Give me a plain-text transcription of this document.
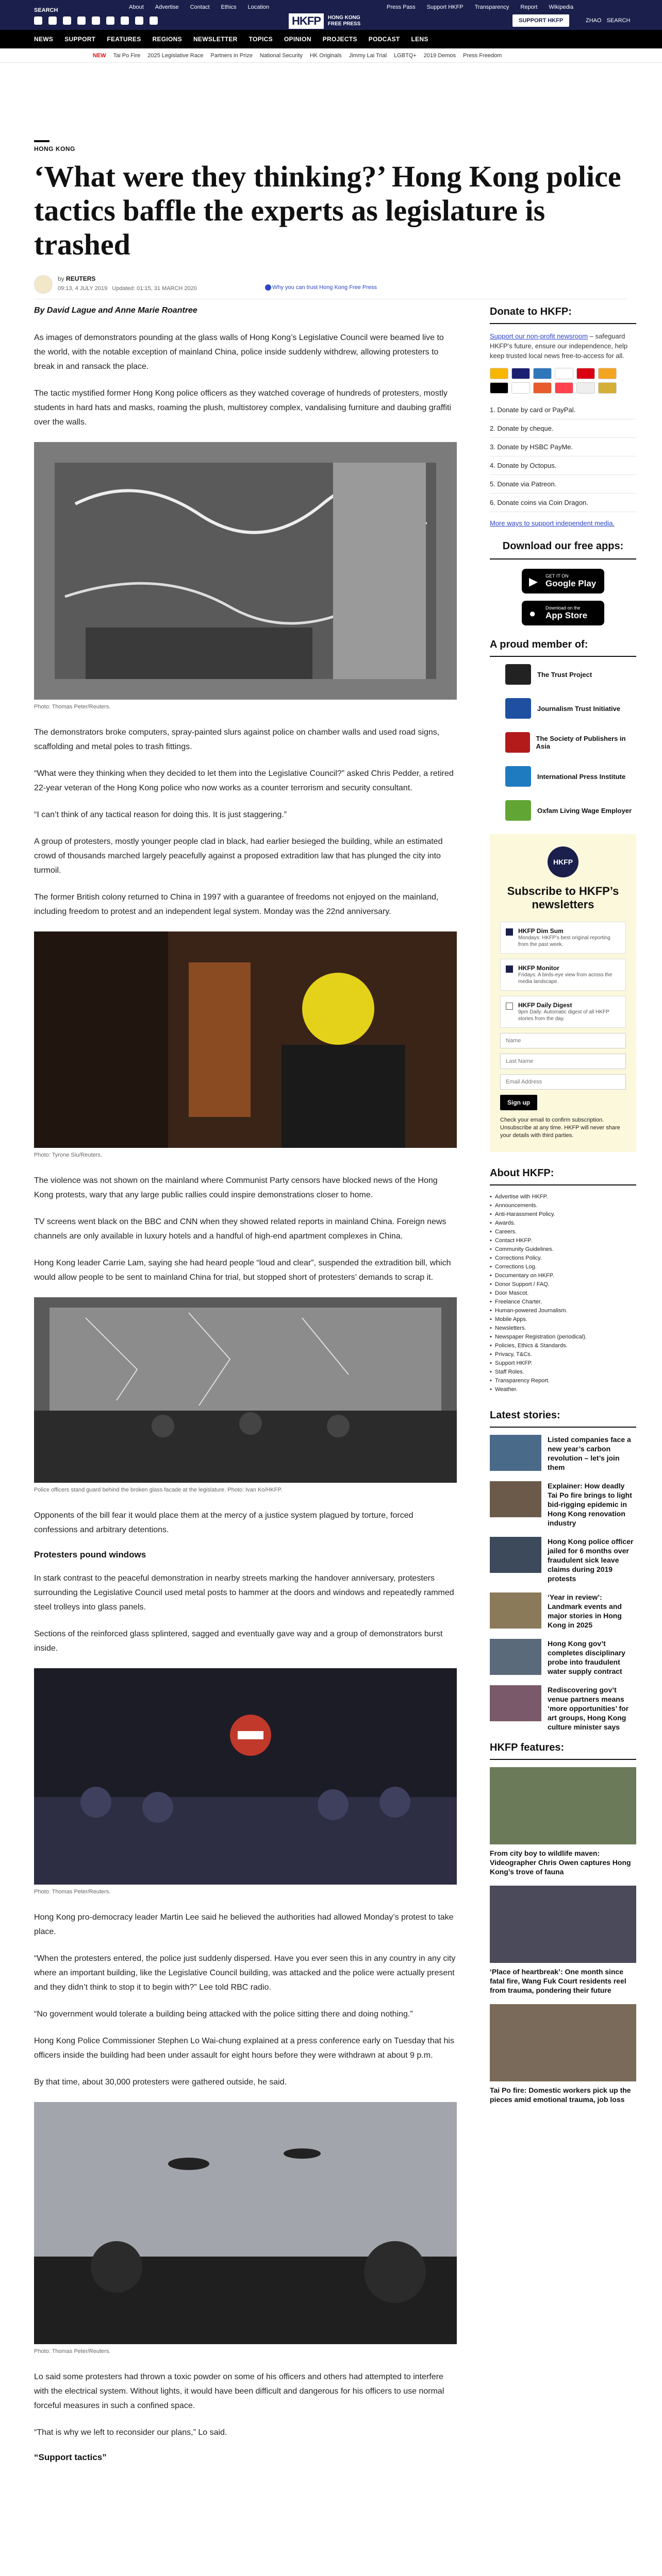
SEARCH	About Advertise Contact Ethics Location	Press Pass Support HKFP Transparency Report Wikipedia
HKFP	HONG KONG
FREE PRESS
SUPPORT HKFP	ZHAO SEARCH
NEWS SUPPORT FEATURES REGIONS NEWSLETTER TOPICS OPINION PROJECTS PODCAST LENS
NEW Tai Po Fire 2025 Legislative Race Partners in Prize National Security HK Originals Jimmy Lai Trial LGBTQ+ 2019 Demos Press Freedom
HONG KONG
‘What were they thinking?’ Hong Kong police tactics baffle the experts as legislature is trashed
by REUTERS
09:13, 4 JULY 2019 Updated: 01:15, 31 MARCH 2020	Why you can trust Hong Kong Free Press

By David Lague and Anne Marie Roantree

As images of demonstrators pounding at the glass walls of Hong Kong’s Legislative Council were beamed live to the world, with the notable exception of mainland China, police inside suddenly withdrew, allowing protesters to break in and ransack the place.

The tactic mystified former Hong Kong police officers as they watched coverage of hundreds of protesters, mostly students in hard hats and masks, roaming the plush, multistorey complex, vandalising furniture and daubing graffiti over the walls.

Photo: Thomas Peter/Reuters.

The demonstrators broke computers, spray-painted slurs against police on chamber walls and used road signs, scaffolding and metal poles to trash fittings.

“What were they thinking when they decided to let them into the Legislative Council?” asked Chris Pedder, a retired 22-year veteran of the Hong Kong police who now works as a counter terrorism and security consultant.

“I can’t think of any tactical reason for doing this. It is just staggering.”

A group of protesters, mostly younger people clad in black, had earlier besieged the building, while an estimated crowd of thousands marched largely peacefully against a proposed extradition law that has plunged the city into turmoil.

The former British colony returned to China in 1997 with a guarantee of freedoms not enjoyed on the mainland, including freedom to protest and an independent legal system. Monday was the 22nd anniversary.

Photo: Tyrone Siu/Reuters.

The violence was not shown on the mainland where Communist Party censors have blocked news of the Hong Kong protests, wary that any large public rallies could inspire demonstrations closer to home.

TV screens went black on the BBC and CNN when they showed related reports in mainland China. Foreign news channels are only available in luxury hotels and a handful of high-end apartment complexes in China.

Hong Kong leader Carrie Lam, saying she had heard people “loud and clear”, suspended the extradition bill, which would allow people to be sent to mainland China for trial, but stopped short of protesters’ demands to scrap it.

Police officers stand guard behind the broken glass facade at the legislature. Photo: Ivan Ko/HKFP.

Opponents of the bill fear it would place them at the mercy of a justice system plagued by torture, forced confessions and arbitrary detentions.

Protesters pound windows

In stark contrast to the peaceful demonstration in nearby streets marking the handover anniversary, protesters surrounding the Legislative Council used metal posts to hammer at the doors and windows and repeatedly rammed steel trolleys into glass panels.

Sections of the reinforced glass splintered, sagged and eventually gave way and a group of demonstrators burst inside.

Photo: Thomas Peter/Reuters.

Hong Kong pro-democracy leader Martin Lee said he believed the authorities had allowed Monday’s protest to take place.

“When the protesters entered, the police just suddenly dispersed. Have you ever seen this in any country in any city where an important building, like the Legislative Council building, was attacked and the police were actually present and they didn’t think to stop it to begin with?” Lee told RBC radio.

“No government would tolerate a building being attacked with the police sitting there and doing nothing.”

Hong Kong Police Commissioner Stephen Lo Wai-chung explained at a press conference early on Tuesday that his officers inside the building had been under assault for eight hours before they were withdrawn at about 9 p.m.

By that time, about 30,000 protesters were gathered outside, he said.

Photo: Thomas Peter/Reuters.

Lo said some protesters had thrown a toxic powder on some of his officers and others had attempted to interfere with the electrical system. Without lights, it would have been difficult and dangerous for his officers to use normal forceful measures in such a confined space.

“That is why we left to reconsider our plans,” Lo said.

“Support tactics”
Donate to HKFP:

Support our non-profit newsroom – safeguard HKFP’s future, ensure our independence, help keep trusted local news free-to-access for all.

1. Donate by card or PayPal.
2. Donate by cheque.
3. Donate by HSBC PayMe.
4. Donate by Octopus.
5. Donate via Patreon.
6. Donate coins via Coin Dragon.
More ways to support independent media.
Download our free apps:
▶ GET IT ON
Google Play
● Download on the
App Store
A proud member of:
The Trust Project
Journalism Trust Initiative
The Society of Publishers in Asia
International Press Institute
Oxfam Living Wage Employer
HKFP
Subscribe to HKFP’s newsletters
HKFP Dim Sum
Mondays: HKFP’s best original reporting from the past week.
HKFP Monitor
Fridays: A birds-eye view from across the media landscape.
HKFP Daily Digest
9pm Daily: Automatic digest of all HKFP stories from the day.
Name Last Name Email Address Sign up

Check your email to confirm subscription. Unsubscribe at any time. HKFP will never share your details with third parties.

About HKFP:
• Advertise with HKFP.
• Announcements.
• Anti-Harassment Policy.
• Awards.
• Careers.
• Contact HKFP.
• Community Guidelines.
• Corrections Policy.
• Corrections Log.
• Documentary on HKFP.
• Donor Support / FAQ.
• Door Mascot.
• Freelance Charter.
• Human-powered Journalism.
• Mobile Apps.
• Newsletters.
• Newspaper Registration (periodical).
• Policies, Ethics & Standards.
• Privacy, T&Cs.
• Support HKFP.
• Staff Roles.
• Transparency Report.
• Weather.
Latest stories:
Listed companies face a new year’s carbon revolution – let’s join them
Explainer: How deadly Tai Po fire brings to light bid-rigging epidemic in Hong Kong renovation industry
Hong Kong police officer jailed for 6 months over fraudulent sick leave claims during 2019 protests
‘Year in review’: Landmark events and major stories in Hong Kong in 2025
Hong Kong gov’t completes disciplinary probe into fraudulent water supply contract
Rediscovering gov’t venue partners means ‘more opportunities’ for art groups, Hong Kong culture minister says
HKFP features:
From city boy to wildlife maven: Videographer Chris Owen captures Hong Kong’s trove of fauna
‘Place of heartbreak’: One month since fatal fire, Wang Fuk Court residents reel from trauma, pondering their future
Tai Po fire: Domestic workers pick up the pieces amid emotional trauma, job loss
